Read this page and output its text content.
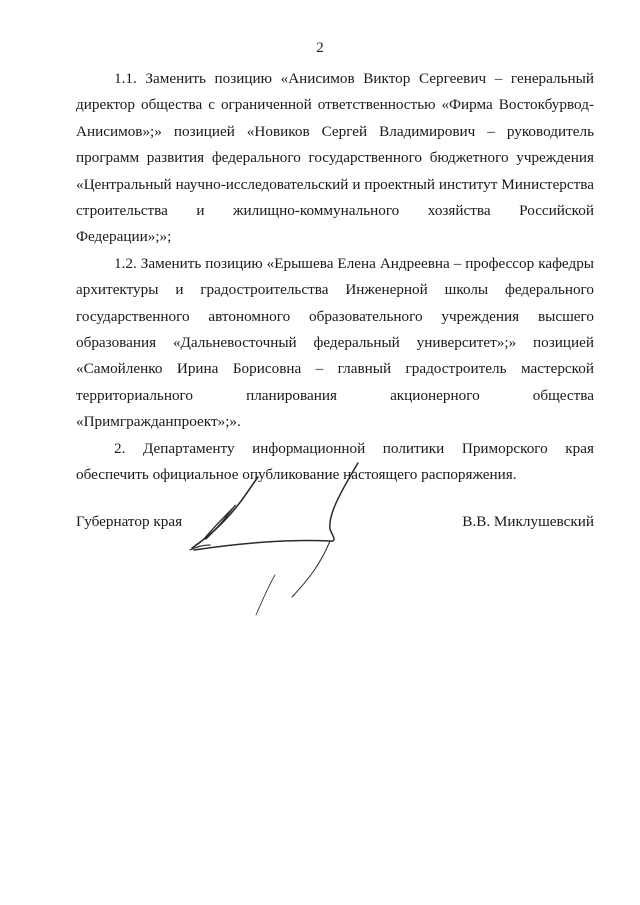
2

1.1. Заменить позицию «Анисимов Виктор Сергеевич – генеральный директор общества с ограниченной ответственностью «Фирма Востокбурвод-Анисимов»;» позицией «Новиков Сергей Владимирович – руководитель программ развития федерального государственного бюджетного учреждения «Центральный научно-исследовательский и проектный институт Министерства строительства и жилищно-коммунального хозяйства Российской Федерации»;»;

1.2. Заменить позицию «Ерышева Елена Андреевна – профессор кафедры архитектуры и градостроительства Инженерной школы федерального государственного автономного образовательного учреждения высшего образования «Дальневосточный федеральный университет»;» позицией «Самойленко Ирина Борисовна – главный градостроитель мастерской территориального планирования акционерного общества «Примгражданпроект»;».

2. Департаменту информационной политики Приморского края обеспечить официальное опубликование настоящего распоряжения.

Губернатор края	В.В. Миклушевский
